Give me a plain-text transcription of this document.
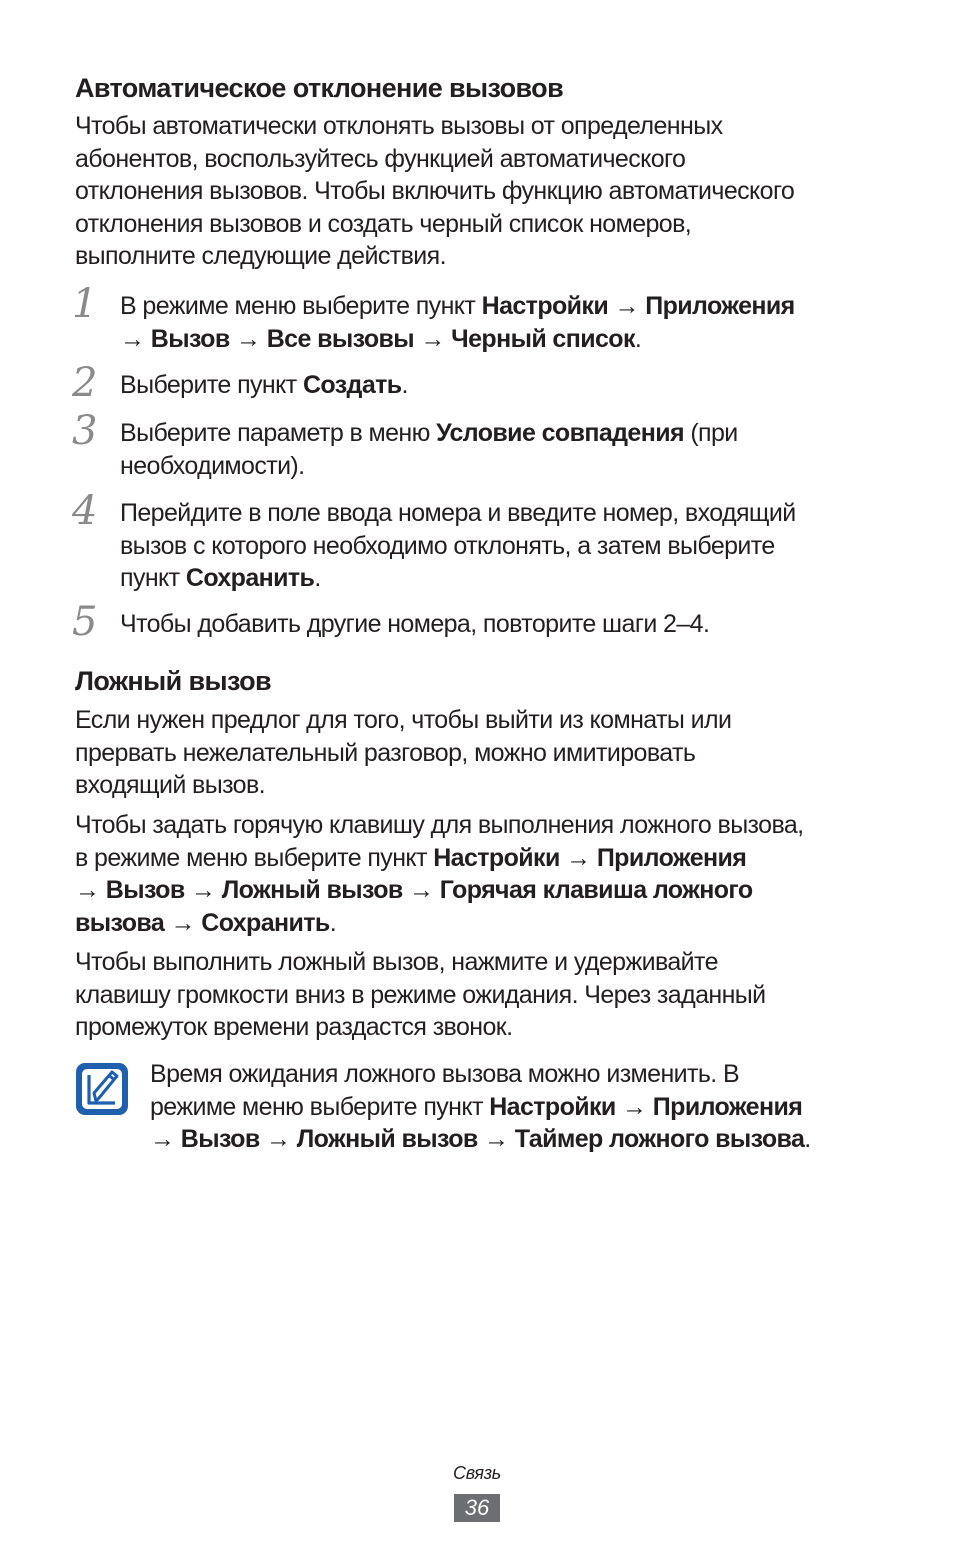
Автоматическое отклонение вызовов

Чтобы автоматически отклонять вызовы от определенных
абонентов, воспользуйтесь функцией автоматического
отклонения вызовов. Чтобы включить функцию автоматического
отклонения вызовов и создать черный список номеров,
выполните следующие действия.

1 В режиме меню выберите пункт Настройки → Приложения
→ Вызов → Все вызовы → Черный список.

2 Выберите пункт Создать.

3 Выберите параметр в меню Условие совпадения (при
необходимости).

4 Перейдите в поле ввода номера и введите номер, входящий
вызов с которого необходимо отклонять, а затем выберите
пункт Сохранить.

5 Чтобы добавить другие номера, повторите шаги 2–4.

Ложный вызов

Если нужен предлог для того, чтобы выйти из комнаты или
прервать нежелательный разговор, можно имитировать
входящий вызов.

Чтобы задать горячую клавишу для выполнения ложного вызова,
в режиме меню выберите пункт Настройки → Приложения
→ Вызов → Ложный вызов → Горячая клавиша ложного
вызова → Сохранить.

Чтобы выполнить ложный вызов, нажмите и удерживайте
клавишу громкости вниз в режиме ожидания. Через заданный
промежуток времени раздастся звонок.

Время ожидания ложного вызова можно изменить. В
режиме меню выберите пункт Настройки → Приложения
→ Вызов → Ложный вызов → Таймер ложного вызова.

Связь
36
